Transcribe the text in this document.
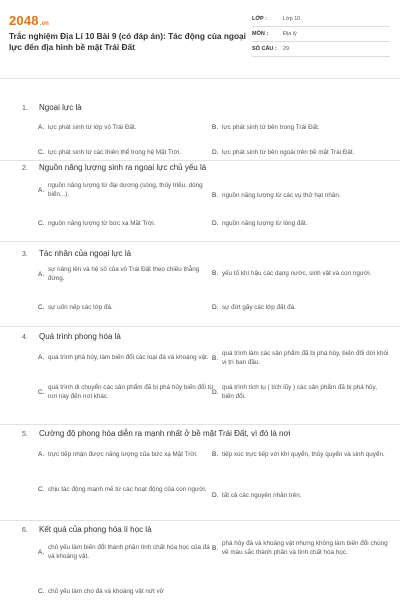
2048.vn
Trắc nghiệm Địa Lí 10 Bài 9 (có đáp án): Tác động của ngoại lực đến địa hình bề mặt Trái Đất
LỚP :	Lớp 10
MÔN :	Địa lý
SỐ CÂU :	29
1. Ngoại lực là
A. lực phát sinh từ lớp vỏ Trái Đất.	B. lực phát sinh từ bên trong Trái Đất.
C. lực phát sinh từ các thiên thể trong hệ Mặt Trời.	D. lực phát sinh từ bên ngoài trên bề mặt Trái Đất.
2. Nguồn năng lượng sinh ra ngoại lực chủ yếu là
A.
nguồn năng lượng từ đại dương (sóng, thủy triều, dòng biển...).	B. nguồn năng lượng từ các vụ thử hạt nhân.
C. nguồn năng lượng từ bức xạ Mặt Trời.	D. nguồn năng lượng từ lòng đất.
3. Tác nhân của ngoại lực là
A.
sự nâng lên và hệ số của vỏ Trái Đất theo chiều thẳng đứng.
B. yếu tố khí hậu các dạng nước, sinh vật và con người.
C. sự uốn nếp các lớp đá.	D. sự đứt gãy các lớp đất đá.
4. Quá trình phong hóa là
A. quá trình phá hủy, làm biến đổi các loại đá và khoáng vật. B.
quá trình làm các sản phẩm đã bị phá hủy, biến đổi dời khỏi vị trí ban đầu.
C.
quá trình di chuyển các sản phẩm đã bị phá hủy biến đổi từ nơi này đến nơi khác.
D.
quá trình tích tụ ( tích lũy ) các sản phẩm đã bị phá hủy, biến đổi.
5. Cường độ phong hóa diễn ra mạnh nhất ở bề mặt Trái Đất, vì đó là nơi
A. trực tiếp nhận được năng lượng của bức xạ Mặt Trời. B. tiếp xúc trực tiếp với khí quyển, thủy quyển và sinh quyển.
C. chịu tác động mạnh mẽ từ các hoạt động của con người.
D. tất cả các nguyên nhân trên.
6. Kết quả của phong hóa lí học là
A.
chủ yếu làm biến đổi thành phần tính chất hóa học của đá và khoáng vật.
B.
phá hủy đá và khoáng vật nhưng không làm biến đổi chúng về màu sắc thành phần và tính chất hóa học.
C. chủ yếu làm cho đá và khoáng vật nứt vỡ
